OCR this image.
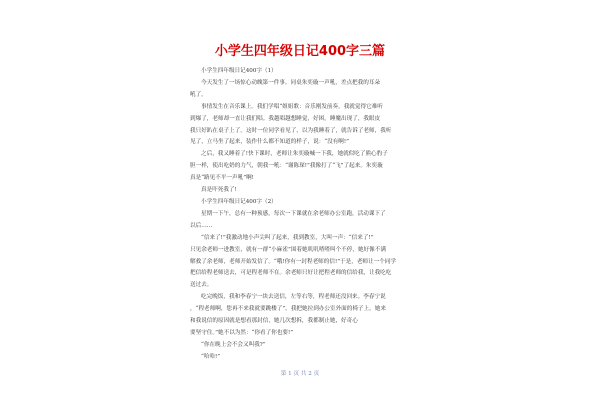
小学生四年级日记400字三篇

小学生四年级日记400字（1）

今天发生了一场惊心动魄第一件事。同桌朱奕璇一声吼，差点把我的耳朵

吼了。

事情发生在音乐课上。我们学唱“姐姐歌：音乐刚发前奏，我就觉得它难听

到爆了，老师却一直让我们唱。我越唱越想睡觉，好困。睡魔出现了，我眼皮

我只好趴在桌子上了。这时一位同学看见了，以为我睡着了，就告诉了老师，我听

见了，立马坐了起来，装作什么都不知道的样子，说：“没有啊!”

之后，我又睡着了!快下课时，老师让朱奕璇喊一下我，她就似吃了熊心豹子

胆一样，使出吃奶的力气，朝我一吼：“谢陈琛!”我像打了“飞”了起来。朱奕璇

真是“路见不平一声吼”啊!

真是吓死我了!

小学生四年级日记400字（2）

星期一下午，总有一种预感，每次一下课就在余老师办公室跑，活动课下了

以后……

“信来了!”我激动地小声尖叫了起来，我到教室，大叫一声：“信来了!”

只见余老师一进教室，就有一群“小麻雀”围着她叽叽喳喳叫个不停，她好像不满

解救了余老师，老师开始发信了。“哦!你有一封程老师的信!”于是，老师让一个同学

把信给程老师送去，可是程老师不在。余老师只好让把程老师的信给我，让我吃吃

送过去。

吃完晚饭，我和李春宁一块去送信，左等右等，程老师还没回来。李春宁说

，“程老师啊，您再不来我就要跳楼了”。我把她拉到办公室外面的椅子上，她来

和我说信的原因就是想看那封信，她几次想拆，我都制止她，好奇心

要坚守住。”她不以为然：“你看了你也要!”

“你在晚上会不会又叫我?”

“哈哈!”

第 1 页 共 2 页
